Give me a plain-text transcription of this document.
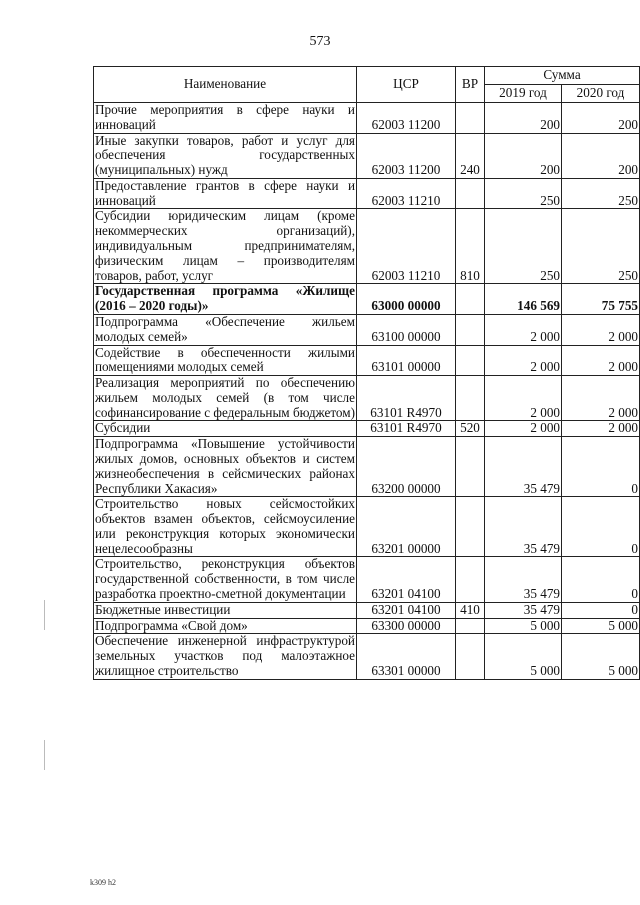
573
Наименование	ЦСР	ВР	Сумма	
			2019 год	2020 год
Прочие мероприятия в сфере науки и инноваций	62003 11200		200	200
Иные закупки товаров, работ и услуг для обеспечения государственных (муниципальных) нужд	62003 11200	240	200	200
Предоставление грантов в сфере науки и инноваций	62003 11210		250	250
Субсидии юридическим лицам (кроме некоммерческих организаций), индивидуальным предпринимателям, физическим лицам – производителям товаров, работ, услуг	62003 11210	810	250	250
Государственная программа «Жилище (2016 – 2020 годы)»	63000 00000		146 569	75 755
Подпрограмма «Обеспечение жильем молодых семей»	63100 00000		2 000	2 000
Содействие в обеспеченности жилыми помещениями молодых семей	63101 00000		2 000	2 000
Реализация мероприятий по обеспечению жильем молодых семей (в том числе софинансирование с федеральным бюджетом)	63101 R4970		2 000	2 000
Субсидии	63101 R4970	520	2 000	2 000
Подпрограмма «Повышение устойчивости жилых домов, основных объектов и систем жизнеобеспечения в сейсмических районах Республики Хакасия»	63200 00000		35 479	0
Строительство новых сейсмостойких объектов взамен объектов, сейсмоусиление или реконструкция которых экономически нецелесообразны	63201 00000		35 479	0
Строительство, реконструкция объектов государственной собственности, в том числе разработка проектно-сметной документации	63201 04100		35 479	0
Бюджетные инвестиции	63201 04100	410	35 479	0
Подпрограмма «Свой дом»	63300 00000		5 000	5 000
Обеспечение инженерной инфраструктурой земельных участков под малоэтажное жилищное строительство	63301 00000		5 000	5 000
k309 h2
